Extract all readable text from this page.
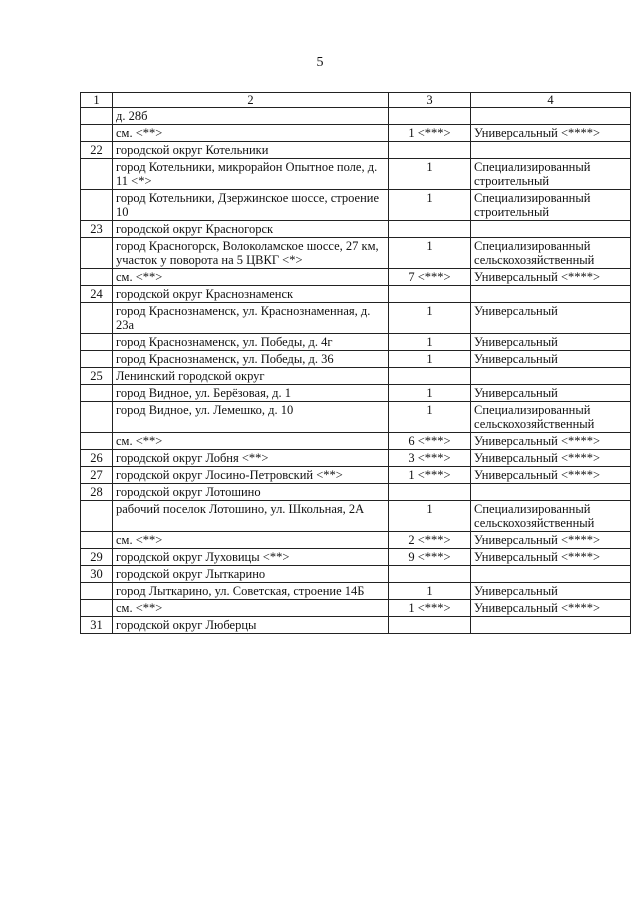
5
1	2	3	4
	д. 28б		
	см. <**>	1 <***>	Универсальный <****>
22	городской округ Котельники		
	город Котельники, микрорайон Опытное поле, д. 11 <*>	1	Специализированный строительный
	город Котельники, Дзержинское шоссе, строение 10	1	Специализированный строительный
23	городской округ Красногорск		
	город Красногорск, Волоколамское шоссе, 27 км, участок у поворота на 5 ЦВКГ <*>	1	Специализированный сельскохозяйственный
	см. <**>	7 <***>	Универсальный <****>
24	городской округ Краснознаменск		
	город Краснознаменск, ул. Краснознаменная, д. 23а	1	Универсальный
	город Краснознаменск, ул. Победы, д. 4г	1	Универсальный
	город Краснознаменск, ул. Победы, д. 36	1	Универсальный
25	Ленинский городской округ		
	город Видное, ул. Берёзовая, д. 1	1	Универсальный
	город Видное, ул. Лемешко, д. 10	1	Специализированный сельскохозяйственный
	см. <**>	6 <***>	Универсальный <****>
26	городской округ Лобня <**>	3 <***>	Универсальный <****>
27	городской округ Лосино-Петровский <**>	1 <***>	Универсальный <****>
28	городской округ Лотошино		
	рабочий поселок Лотошино, ул. Школьная, 2А	1	Специализированный сельскохозяйственный
	см. <**>	2 <***>	Универсальный <****>
29	городской округ Луховицы <**>	9 <***>	Универсальный <****>
30	городской округ Лыткарино		
	город Лыткарино, ул. Советская, строение 14Б	1	Универсальный
	см. <**>	1 <***>	Универсальный <****>
31	городской округ Люберцы		
